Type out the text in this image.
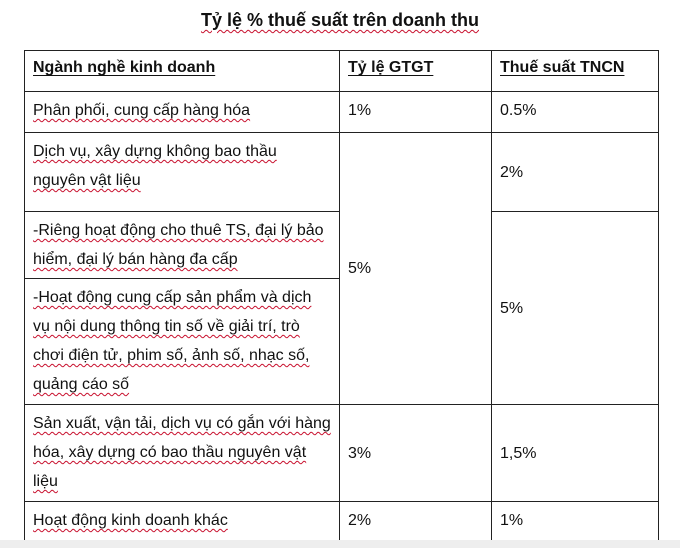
Tỷ lệ % thuế suất trên doanh thu
Ngành nghề kinh doanh	Tỷ lệ GTGT	Thuế suất TNCN
Phân phối, cung cấp hàng hóa	1%	0.5%
Dịch vụ, xây dựng không bao thầu nguyên vật liệu	5%	2%
-Riêng hoạt động cho thuê TS, đại lý bảo hiểm, đại lý bán hàng đa cấp		5%
-Hoạt động cung cấp sản phẩm và dịch vụ nội dung thông tin số về giải trí, trò chơi điện tử, phim số, ảnh số, nhạc số, quảng cáo số		
Sản xuất, vận tải, dịch vụ có gắn với hàng hóa, xây dựng có bao thầu nguyên vật liệu	3%	1,5%
Hoạt động kinh doanh khác	2%	1%
